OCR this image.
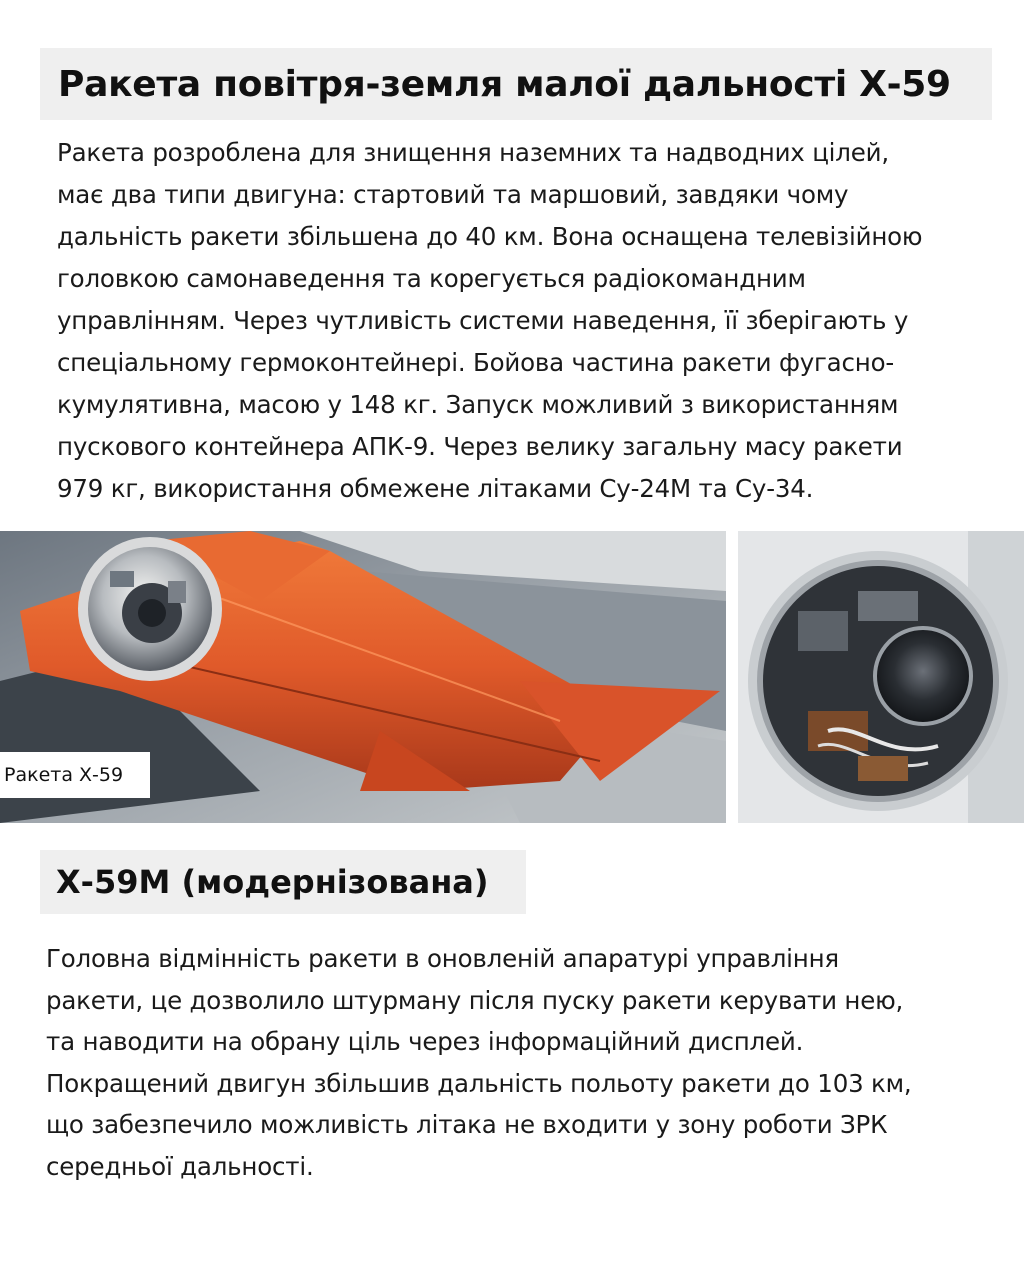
Ракета повітря-земля малої дальності Х-59

Ракета розроблена для знищення наземних та надводних цілей,
має два типи двигуна: стартовий та маршовий, завдяки чому
дальність ракети збільшена до 40 км. Вона оснащена телевізійною
головкою самонаведення та корегується радіокомандним
управлінням. Через чутливість системи наведення, її зберігають у
спеціальному гермоконтейнері. Бойова частина ракети фугасно-
кумулятивна, масою у 148 кг. Запуск можливий з використанням
пускового контейнера АПК-9. Через велику загальну масу ракети
979 кг, використання обмежене літаками Су-24М та Су-34.

Ракета Х-59
Х-59М (модернізована)

Головна відмінність ракети в оновленій апаратурі управління
ракети, це дозволило штурману після пуску ракети керувати нею,
та наводити на обрану ціль через інформаційний дисплей.
Покращений двигун збільшив дальність польоту ракети до 103 км,
що забезпечило можливість літака не входити у зону роботи ЗРК
середньої дальності.
